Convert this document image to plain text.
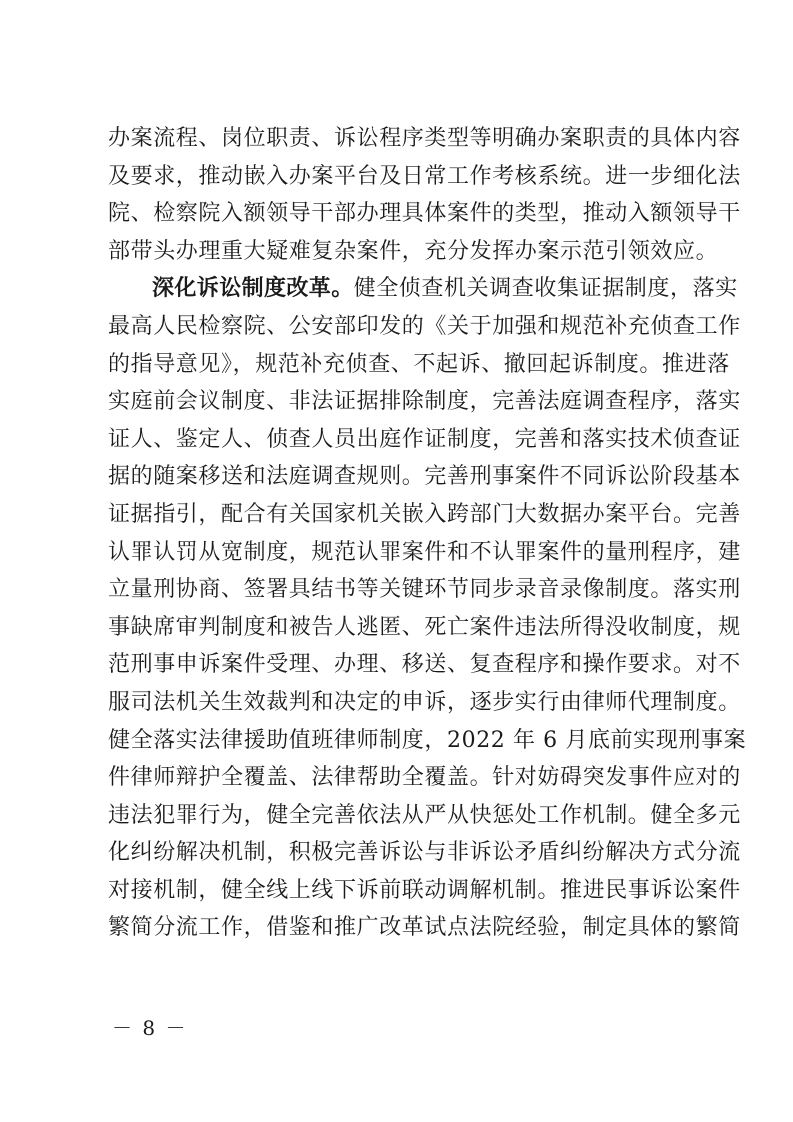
办案流程、岗位职责、诉讼程序类型等明确办案职责的具体内容
及要求，推动嵌入办案平台及日常工作考核系统。进一步细化法
院、检察院入额领导干部办理具体案件的类型，推动入额领导干
部带头办理重大疑难复杂案件，充分发挥办案示范引领效应。
深化诉讼制度改革。健全侦查机关调查收集证据制度，落实
最高人民检察院、公安部印发的《关于加强和规范补充侦查工作
的指导意见》，规范补充侦查、不起诉、撤回起诉制度。推进落
实庭前会议制度、非法证据排除制度，完善法庭调查程序，落实
证人、鉴定人、侦查人员出庭作证制度，完善和落实技术侦查证
据的随案移送和法庭调查规则。完善刑事案件不同诉讼阶段基本
证据指引，配合有关国家机关嵌入跨部门大数据办案平台。完善
认罪认罚从宽制度，规范认罪案件和不认罪案件的量刑程序，建
立量刑协商、签署具结书等关键环节同步录音录像制度。落实刑
事缺席审判制度和被告人逃匿、死亡案件违法所得没收制度，规
范刑事申诉案件受理、办理、移送、复查程序和操作要求。对不
服司法机关生效裁判和决定的申诉，逐步实行由律师代理制度。
健全落实法律援助值班律师制度，2022 年 6 月底前实现刑事案
件律师辩护全覆盖、法律帮助全覆盖。针对妨碍突发事件应对的
违法犯罪行为，健全完善依法从严从快惩处工作机制。健全多元
化纠纷解决机制，积极完善诉讼与非诉讼矛盾纠纷解决方式分流
对接机制，健全线上线下诉前联动调解机制。推进民事诉讼案件
繁简分流工作，借鉴和推广改革试点法院经验，制定具体的繁简
－ 8 －
